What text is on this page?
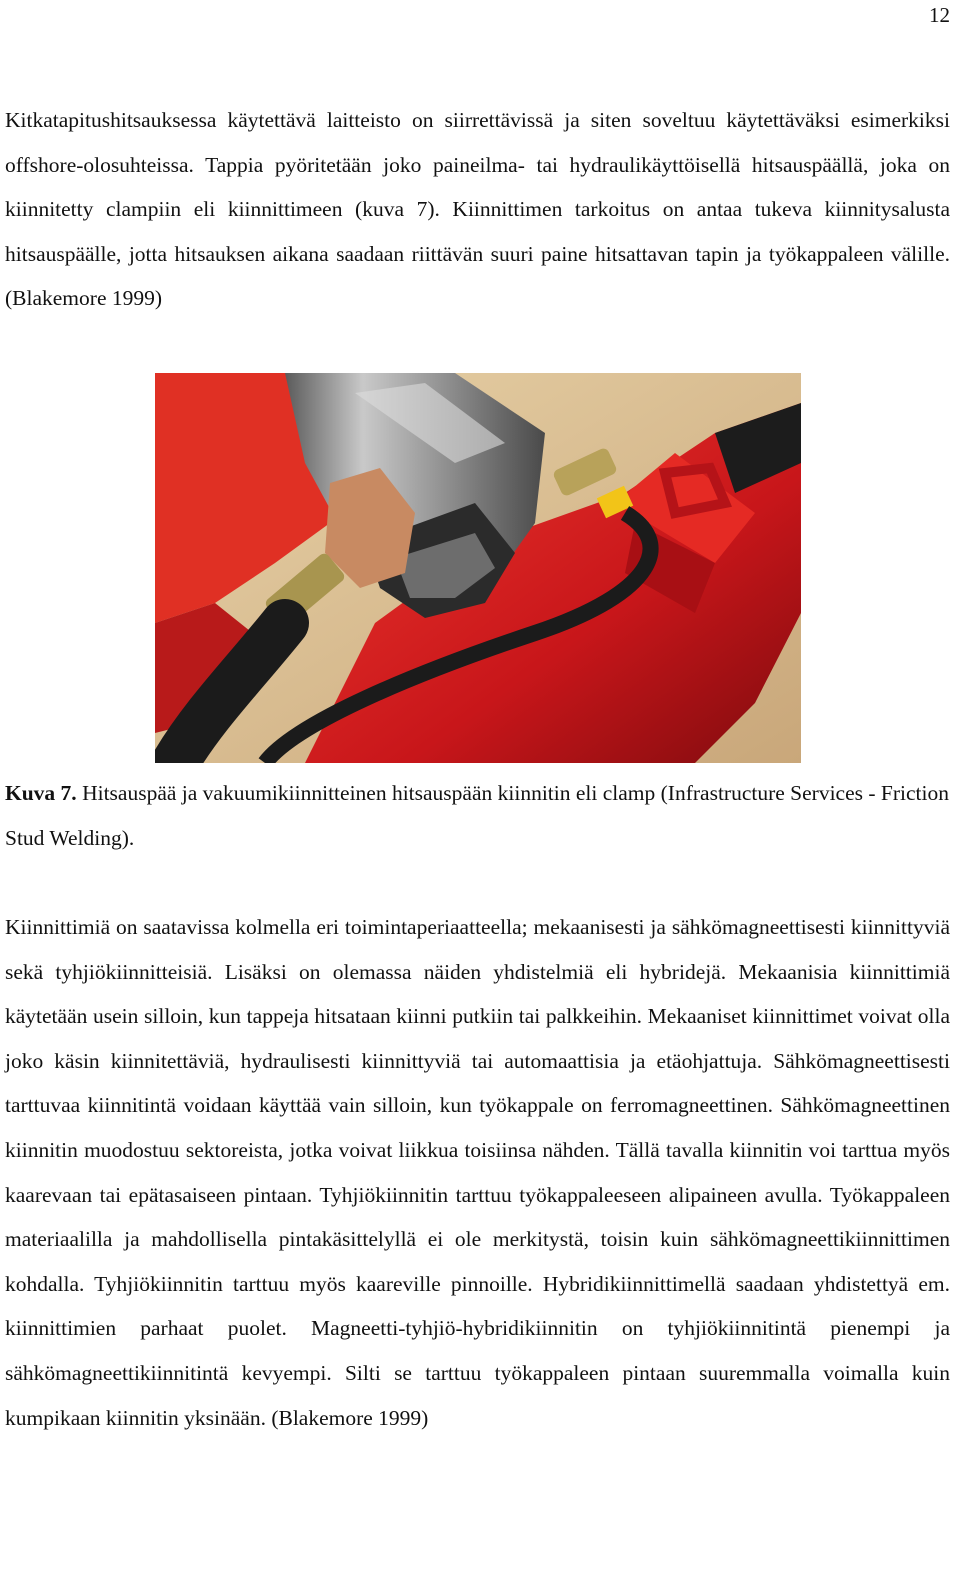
12

Kitkatapitushitsauksessa käytettävä laitteisto on siirrettävissä ja siten soveltuu käytettäväksi esimerkiksi offshore-olosuhteissa. Tappia pyöritetään joko paineilma- tai hydraulikäyttöisellä hitsauspäällä, joka on kiinnitetty clampiin eli kiinnittimeen (kuva 7). Kiinnittimen tarkoitus on antaa tukeva kiinnitysalusta hitsauspäälle, jotta hitsauksen aikana saadaan riittävän suuri paine hitsattavan tapin ja työkappaleen välille. (Blakemore 1999)

Kuva 7. Hitsauspää ja vakuumikiinnitteinen hitsauspään kiinnitin eli clamp (Infrastructure Services - Friction Stud Welding).

Kiinnittimiä on saatavissa kolmella eri toimintaperiaatteella; mekaanisesti ja sähkömagneettisesti kiinnittyviä sekä tyhjiökiinnitteisiä. Lisäksi on olemassa näiden yhdistelmiä eli hybridejä. Mekaanisia kiinnittimiä käytetään usein silloin, kun tappeja hitsataan kiinni putkiin tai palkkeihin. Mekaaniset kiinnittimet voivat olla joko käsin kiinnitettäviä, hydraulisesti kiinnittyviä tai automaattisia ja etäohjattuja. Sähkömagneettisesti tarttuvaa kiinnitintä voidaan käyttää vain silloin, kun työkappale on ferromagneettinen. Sähkömagneettinen kiinnitin muodostuu sektoreista, jotka voivat liikkua toisiinsa nähden. Tällä tavalla kiinnitin voi tarttua myös kaarevaan tai epätasaiseen pintaan. Tyhjiökiinnitin tarttuu työkappaleeseen alipaineen avulla. Työkappaleen materiaalilla ja mahdollisella pintakäsittelyllä ei ole merkitystä, toisin kuin sähkömagneettikiinnittimen kohdalla. Tyhjiökiinnitin tarttuu myös kaareville pinnoille. Hybridikiinnittimellä saadaan yhdistettyä em. kiinnittimien parhaat puolet. Magneetti-tyhjiö-hybridikiinnitin on tyhjiökiinnitintä pienempi ja sähkömagneettikiinnitintä kevyempi. Silti se tarttuu työkappaleen pintaan suuremmalla voimalla kuin kumpikaan kiinnitin yksinään. (Blakemore 1999)
